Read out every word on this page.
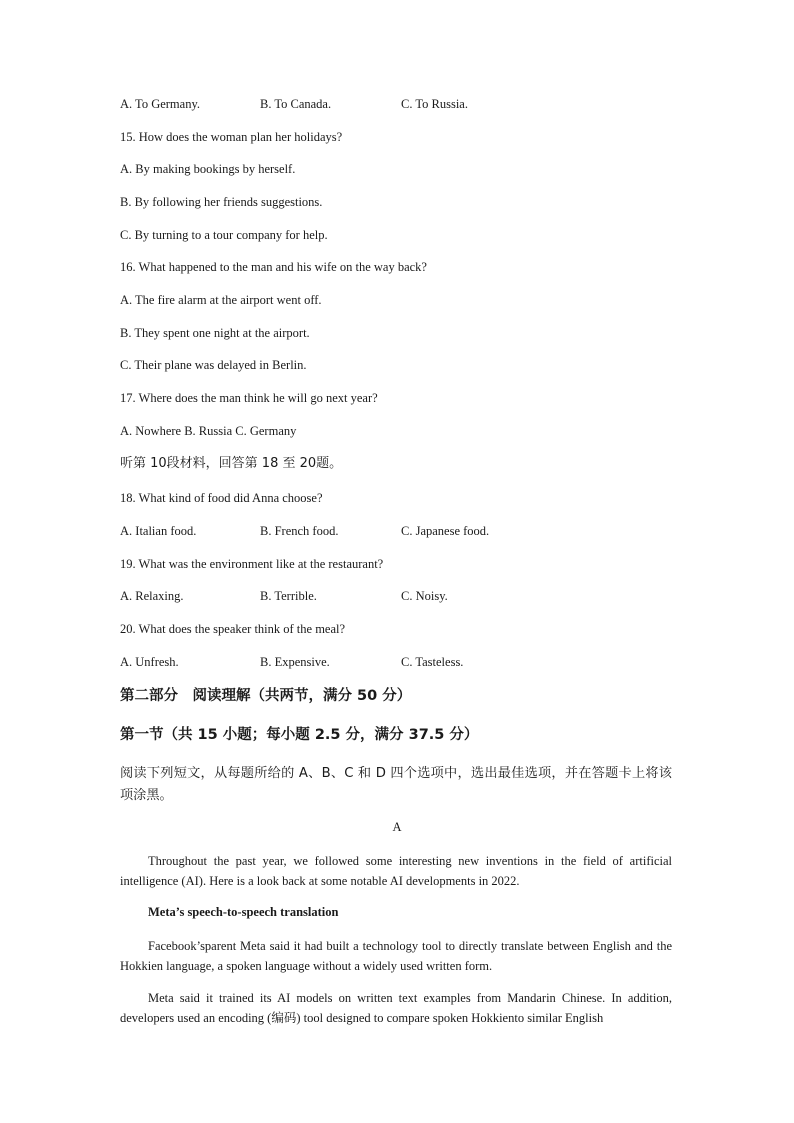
A. To Germany.	B. To Canada.	C. To Russia.
15. How does the woman plan her holidays?
A. By making bookings by herself.
B. By following her friends suggestions.
C. By turning to a tour company for help.
16. What happened to the man and his wife on the way back?
A. The fire alarm at the airport went off.
B. They spent one night at the airport.
C. Their plane was delayed in Berlin.
17. Where does the man think he will go next year?
A. Nowhere B. Russia C. Germany
听第 10段材料，回答第 18 至 20题。
18. What kind of food did Anna choose?
A. Italian food.	B. French food.	C. Japanese food.
19. What was the environment like at the restaurant?
A. Relaxing.	B. Terrible.	C. Noisy.
20. What does the speaker think of the meal?
A. Unfresh.	B. Expensive.	C. Tasteless.
第二部分　阅读理解（共两节，满分 50 分）
第一节（共 15 小题；每小题 2.5 分，满分 37.5 分）
阅读下列短文，从每题所给的 A、B、C 和 D 四个选项中，选出最佳选项，并在答题卡上将该项涂黑。
A
Throughout the past year, we followed some interesting new inventions in the field of artificial intelligence (AI). Here is a look back at some notable AI developments in 2022.
Meta’s speech-to-speech translation
Facebook’sparent Meta said it had built a technology tool to directly translate between English and the Hokkien language, a spoken language without a widely used written form.
Meta said it trained its AI models on written text examples from Mandarin Chinese. In addition, developers used an encoding (编码) tool designed to compare spoken Hokkiento similar English
